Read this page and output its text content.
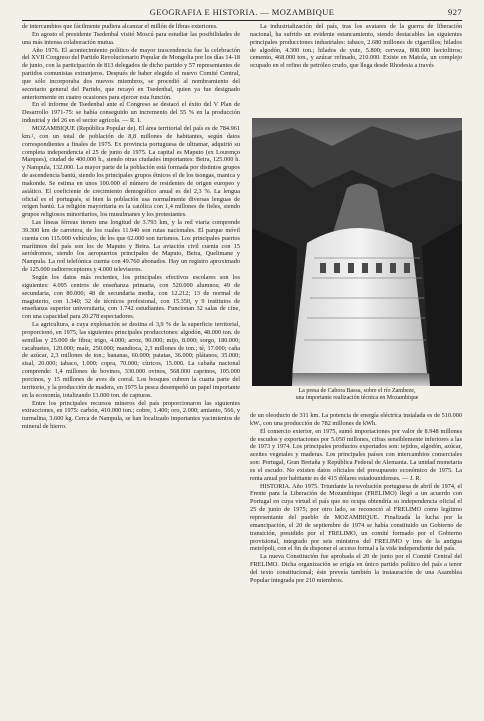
GEOGRAFIA E HISTORIA. — MOZAMBIQUE	927

de intercambios que fácilmente pudiera alcanzar el millón de libras exteriores.

En agosto el presidente Tsedenbal visitó Moscú para estudiar las posibilidades de una más intensa colaboración mutua.

Año 1976. El acontecimiento político de mayor trascendencia fue la celebración del XVII Congreso del Partido Revolucionario Popular de Mongolia por los días 14-18 de junio, con la participación de 813 delegados de dicho partido y 57 representantes de partidos comunistas extranjeros. Después de haber elegido el nuevo Comité Central, que sólo incorporaba dos nuevos miembros, se procedió al nombramiento del secretario general del Partido, que recayó en Tsedenbal, quien ya fue designado anteriormente en cuatro ocasiones para ejercer esta función.

En el informe de Tsedenbal ante el Congreso se destacó el éxito del V Plan de Desarrollo 1971-75: se había conseguido un incremento del 55 % en la producción industrial y del 26 en el sector agrícola. — R. I.

MOZAMBIQUE (República Popular de). El área territorial del país es de 784.961 km.², con un total de población de 8,8 millones de habitantes, según datos correspondientes a finales de 1975. Ex provincia portuguesa de ultramar, adquirió su completa independencia el 25 de junio de 1975. La capital es Maputo (ex Lourenço Marques), ciudad de 400.000 h., siendo otras ciudades importantes: Beira, 125.000 h. y Nampula, 132.000. La mayor parte de la población está formada por distintos grupos de ascendencia bantú, siendo los principales grupos étnicos el de los tsongas, manica y makonde. Se estima en unos 100.000 el número de residentes de origen europeo y asiático. El coeficiente de crecimiento demográfico anual es del 2,3 %. La lengua oficial es el portugués, si bien la población usa normalmente diversas lenguas de origen bantú. La religión mayoritaria es la católica con 1,4 millones de fieles, siendo grupos religiosos minoritarios, los musulmanes y los protestantes.

Las líneas férreas tienen una longitud de 3.793 km, y la red viaria comprende 39.300 km de carretera, de los cuales 11.940 son rutas nacionales. El parque móvil cuenta con 115.000 vehículos, de los que 62.000 son turismos. Los principales puertos marítimos del país son los de Maputo y Beira. La aviación civil cuenta con 15 aeródromos, siendo los aeropuertos principales de Maputo, Beira, Quelimane y Nampula. La red telefónica cuenta con 49.760 abonados. Hay un registro aproximado de 125.000 radiorreceptores y 4.000 televisores.

Según los datos más recientes, los principales efectivos escolares son los siguientes: 4.095 centros de enseñanza primaria, con 520.000 alumnos; 49 de secundaria, con 80.000; 48 de secundaria media, con 12.212; 13 de normal de magisterio, con 1.340; 32 de técnicos profesional, con 15.350, y 9 institutos de enseñanza superior universitaria, con 1.742 estudiantes. Funcionan 32 salas de cine, con una capacidad para 20.278 espectadores.

La agricultura, a cuya explotación se destina el 3,9 % de la superficie territorial, proporcionó, en 1975, las siguientes principales producciones: algodón, 48.000 ton. de semillas y 25.000 de fibra; trigo, 4.000; arroz, 90.000; mijo, 8.000; sorgo, 180.000; cacahuetes, 120.000; maíz, 250.000; mandioca, 2,3 millones de ton.; té, 17.000; caña de azúcar, 2,3 millones de ton.; bananas, 60.000; patatas, 36.000; plátanos, 35.000; sisal, 20.000; tabaco, 1.000; copra, 70.000; cítricos, 15.000. La cabaña nacional comprende: 1,4 millones de bovinos, 330.000 ovinos, 568.000 caprinos, 105.000 porcinos, y 15 millones de aves de corral. Los bosques cubren la cuarta parte del territorio, y la producción de madera, en 1975 la pesca desempeñó un papel importante en la economía, totalizando 13.000 ton. de capturas.

Entre los principales recursos mineros del país proporcionaron las siguientes extracciones, en 1975: carbón, 410.000 ton.; cobre, 1.400; oro, 2.000; amianto, 566, y turmalina, 3.600 kg. Cerca de Nampula, se han localizado importantes yacimientos de mineral de hierro.

La industrialización del país, tras los avatares de la guerra de liberación nacional, ha sufrido un evidente estancamiento, siendo destacables las siguientes principales producciones industriales: tabaco, 2.680 millones de cigarrillos; hilados de algodón, 4.300 ton.; hilados de yute, 5.800; cerveza, 808.000 hectolitros; cemento, 468.000 ton., y azúcar refinado, 210.000. Existe en Matola, un complejo ocupado en el refino de petróleo crudo, que llega desde Rhodesia a través

La presa de Cabora Bassa, sobre el río Zambeze,
una importante realización técnica en Mozambique

de un oleoducto de 311 km. La potencia de energía eléctrica instalada es de 510.000 kW., con una producción de 782 millones de kWh.

El comercio exterior, en 1975, sumó importaciones por valor de 8.948 millones de escudos y exportaciones por 5.050 millones, cifras sensiblemente inferiores a las de 1973 y 1974. Los principales productos exportados son: tejidos, algodón, azúcar, aceites vegetales y maderas. Los principales países con intercambios comerciales son: Portugal, Gran Bretaña y República Federal de Alemania. La unidad monetaria es el escudo. No existen datos oficiales del presupuesto económico de 1975. La renta anual por habitante es de 415 dólares estadounidenses. — J. R.

HISTORIA. Año 1975. Triunfante la revolución portuguesa de abril de 1974, el Frente para la Liberación de Mozambique (FRELIMO) llegó a un acuerdo con Portugal en cuya virtud el país que no ocupa obtendría su independencia oficial el 25 de junio de 1975; por otro lado, se reconoció al FRELIMO como legítimo representante del pueblo de MOZAMBIQUE. Finalizada la lucha por la emancipación, el 20 de septiembre de 1974 se había constituido un Gobierno de transición, presidido por el FRELIMO, un comité formado por el Gobierno provisional, integrado por seis ministros del FRELIMO y tres de la antigua metrópoli, con el fin de disponer el acceso formal a la vida independiente del país.

La nueva Constitución fue aprobada el 20 de junio por el Comité Central del FRELIMO. Dicha organización se erigía en único partido político del país a tenor del texto constitucional; éste preveía también la instauración de una Asamblea Popular integrada por 210 miembros.
